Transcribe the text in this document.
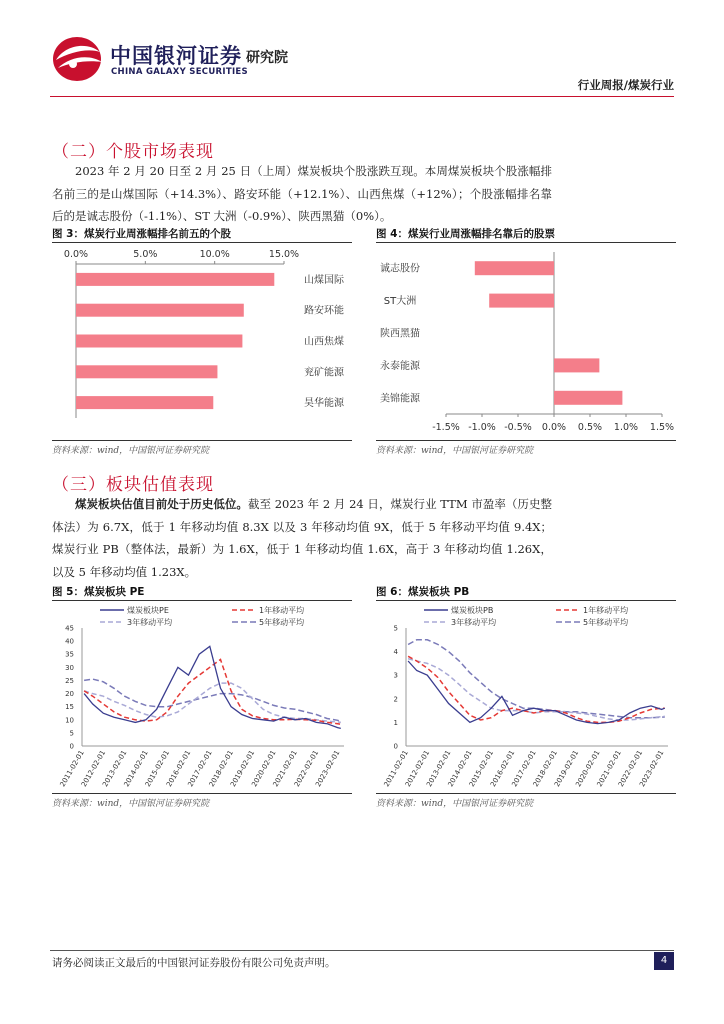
中国银河证券 研究院
CHINA GALAXY SECURITIES
行业周报/煤炭行业
（二）个股市场表现
2023 年 2 月 20 日至 2 月 25 日（上周）煤炭板块个股涨跌互现。本周煤炭板块个股涨幅排名前三的是山煤国际（+14.3%）、路安环能（+12.1%）、山西焦煤（+12%）；个股涨幅排名靠后的是诚志股份（-1.1%）、ST 大洲（-0.9%）、陕西黑猫（0%）。
图 3：煤炭行业周涨幅排名前五的个股
0.0%	5.0%	10.0%	15.0%
山煤国际
路安环能
山西焦煤
兖矿能源
昊华能源
资料来源：wind，中国银河证券研究院
图 4：煤炭行业周涨幅排名靠后的股票
-1.5% -1.0% -0.5% 0.0% 0.5% 1.0% 1.5%
诚志股份
ST大洲
陕西黑猫
永泰能源
美锦能源
资料来源：wind，中国银河证券研究院
（三）板块估值表现
煤炭板块估值目前处于历史低位。截至 2023 年 2 月 24 日，煤炭行业 TTM 市盈率（历史整体法）为 6.7X，低于 1 年移动均值 8.3X 以及 3 年移动均值 9X，低于 5 年移动平均值 9.4X；煤炭行业 PB（整体法，最新）为 1.6X，低于 1 年移动均值 1.6X，高于 3 年移动均值 1.26X，以及 5 年移动均值 1.23X。
图 5：煤炭板块 PE
煤炭板块PE	1年移动平均
3年移动平均	5年移动平均
0
5
10
15
20
25
30
35
40
45
2011-02-01
2012-02-01
2013-02-01
2014-02-01
2015-02-01
2016-02-01
2017-02-01
2018-02-01
2019-02-01
2020-02-01
2021-02-01
2022-02-01
2023-02-01
资料来源：wind，中国银河证券研究院
图 6：煤炭板块 PB
煤炭板块PB	1年移动平均
3年移动平均	5年移动平均
0
1
2
3
4
5
2011-02-01
2012-02-01
2013-02-01
2014-02-01
2015-02-01
2016-02-01
2017-02-01
2018-02-01
2019-02-01
2020-02-01
2021-02-01
2022-02-01
2023-02-01
资料来源：wind，中国银河证券研究院
请务必阅读正文最后的中国银河证券股份有限公司免责声明。	4
